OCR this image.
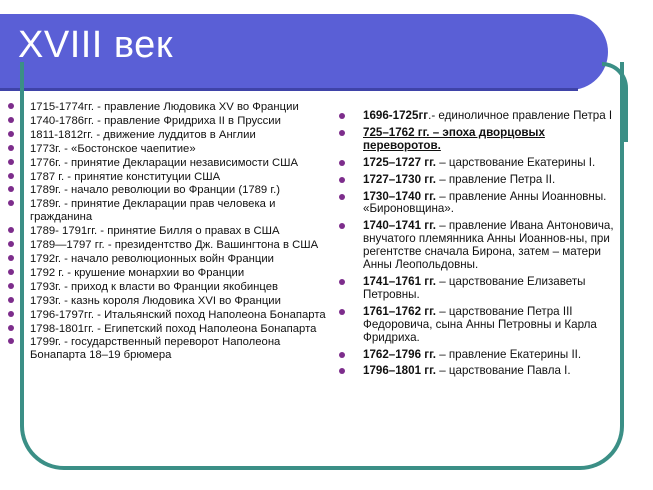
XVIII век
1715-1774гг. - правление Людовика XV во Франции
1740-1786гг. - правление Фридриха II в Пруссии
1811-1812гг. - движение луддитов в Англии
1773г. - «Бостонское чаепитие»
1776г. - принятие Декларации независимости США
1787 г. - принятие конституции США
1789г. - начало революции во Франции (1789 г.)
1789г. - принятие Декларации прав человека и гражданина
1789- 1791гг. - принятие Билля о правах в США
1789—1797 гг. - президентство Дж. Вашингтона в США
1792г. - начало революционных войн Франции
1792 г. - крушение монархии во Франции
1793г. - приход к власти во Франции якобинцев
1793г. - казнь короля Людовика XVI во Франции
1796-1797гг. - Итальянский поход Наполеона Бонапарта
1798-1801гг. - Египетский поход Наполеона Бонапарта
1799г. - государственный переворот Наполеона Бонапарта 18–19 брюмера
1696-1725гг.- единоличное правление Петра I
725–1762 гг. – эпоха дворцовых переворотов.
1725–1727 гг. – царствование Екатерины I.
1727–1730 гг. – правление Петра II.
1730–1740 гг. – правление Анны Иоанновны. «Бироновщина».
1740–1741 гг. – правление Ивана Антоновича, внучатого племянника Анны Иоаннов-ны, при регентстве сначала Бирона, затем – матери Анны Леопольдовны.
1741–1761 гг. – царствование Елизаветы Петровны.
1761–1762 гг. – царствование Петра III Федоровича, сына Анны Петровны и Карла Фридриха.
1762–1796 гг. – правление Екатерины II.
1796–1801 гг. – царствование Павла I.
